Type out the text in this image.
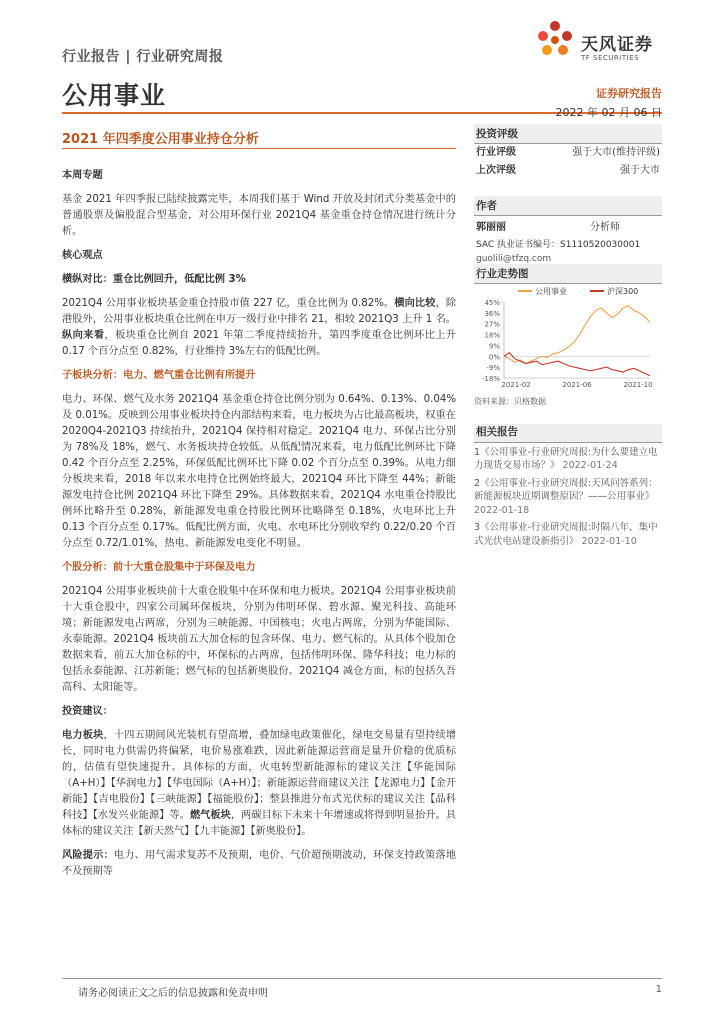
行业报告 | 行业研究周报
公用事业
天风证券
TF SECURITIES
证券研究报告
2022 年 02 月 06 日
2021 年四季度公用事业持仓分析
本周专题

基金 2021 年四季报已陆续披露完毕，本周我们基于 Wind 开放及封闭式分类基金中的普通股票及偏股混合型基金，对公用环保行业 2021Q4 基金重仓持仓情况进行统计分析。

核心观点
横纵对比：重仓比例回升，低配比例 3%

2021Q4 公用事业板块基金重仓持股市值 227 亿，重仓比例为 0.82%。横向比较，除港股外，公用事业板块重仓比例在申万一级行业中排名 21，相较 2021Q3 上升 1 名。纵向来看，板块重仓比例自 2021 年第二季度持续抬升，第四季度重仓比例环比上升 0.17 个百分点至 0.82%，行业维持 3%左右的低配比例。

子板块分析：电力、燃气重仓比例有所提升

电力、环保、燃气及水务 2021Q4 基金重仓持仓比例分别为 0.64%、0.13%、0.04%及 0.01%。反映到公用事业板块持仓内部结构来看，电力板块为占比最高板块，权重在 2020Q4-2021Q3 持续抬升，2021Q4 保持相对稳定。2021Q4 电力、环保占比分别为 78%及 18%，燃气、水务板块持仓较低。从低配情况来看，电力低配比例环比下降 0.42 个百分点至 2.25%，环保低配比例环比下降 0.02 个百分点至 0.39%。从电力细分板块来看，2018 年以来水电持仓比例始终最大，2021Q4 环比下降至 44%；新能源发电持仓比例 2021Q4 环比下降至 29%。具体数据来看，2021Q4 水电重仓持股比例环比略升至 0.28%，新能源发电重仓持股比例环比略降至 0.18%，火电环比上升 0.13 个百分点至 0.17%。低配比例方面，火电、水电环比分别收窄约 0.22/0.20 个百分点至 0.72/1.01%，热电、新能源发电变化不明显。

个股分析：前十大重仓股集中于环保及电力

2021Q4 公用事业板块前十大重仓股集中在环保和电力板块。2021Q4 公用事业板块前十大重仓股中，四家公司属环保板块，分别为伟明环保、碧水源、聚光科技、高能环境；新能源发电占两席，分别为三峡能源、中国核电；火电占两席，分别为华能国际、永泰能源。2021Q4 板块前五大加仓标的包含环保、电力、燃气标的。从具体个股加仓数据来看，前五大加仓标的中，环保标的占两席，包括伟明环保、隆华科技；电力标的包括永泰能源、江苏新能；燃气标的包括新奥股份。2021Q4 减仓方面，标的包括久吾高科、太阳能等。

投资建议：

电力板块，十四五期间风光装机有望高增，叠加绿电政策催化，绿电交易量有望持续增长，同时电力供需仍将偏紧，电价易涨难跌，因此新能源运营商是量升价稳的优质标的，估值有望快速提升。具体标的方面，火电转型新能源标的建议关注【华能国际（A+H）】【华润电力】【华电国际（A+H）】；新能源运营商建议关注【龙源电力】【金开新能】【吉电股份】【三峡能源】【福能股份】；整县推进分布式光伏标的建议关注【晶科科技】【水发兴业能源】等。燃气板块，两碳目标下未来十年增速或将得到明显抬升。具体标的建议关注【新天然气】【九丰能源】【新奥股份】。

风险提示：电力、用气需求复苏不及预期，电价、气价超预期波动，环保支持政策落地不及预期等

投资评级
行业评级	强于大市(维持评级)
上次评级	强于大市
作者
郭丽丽	分析师
SAC 执业证书编号：S1110520030001
guolili@tfzq.com
行业走势图
公用事业	沪深300
45%
36%
27%
18%
9%
0%
-9%
-18%
2021-02	2021-06	2021-10
资料来源：贝格数据
相关报告
1《公用事业-行业研究周报:为什么要建立电力现货交易市场？》 2022-01-24
2《公用事业-行业研究周报:天风问答系列：新能源板块近期调整原因？——公用事业》 2022-01-18
3《公用事业-行业研究周报:时隔八年，集中式光伏电站建设新指引》 2022-01-10
请务必阅读正文之后的信息披露和免责申明	1
